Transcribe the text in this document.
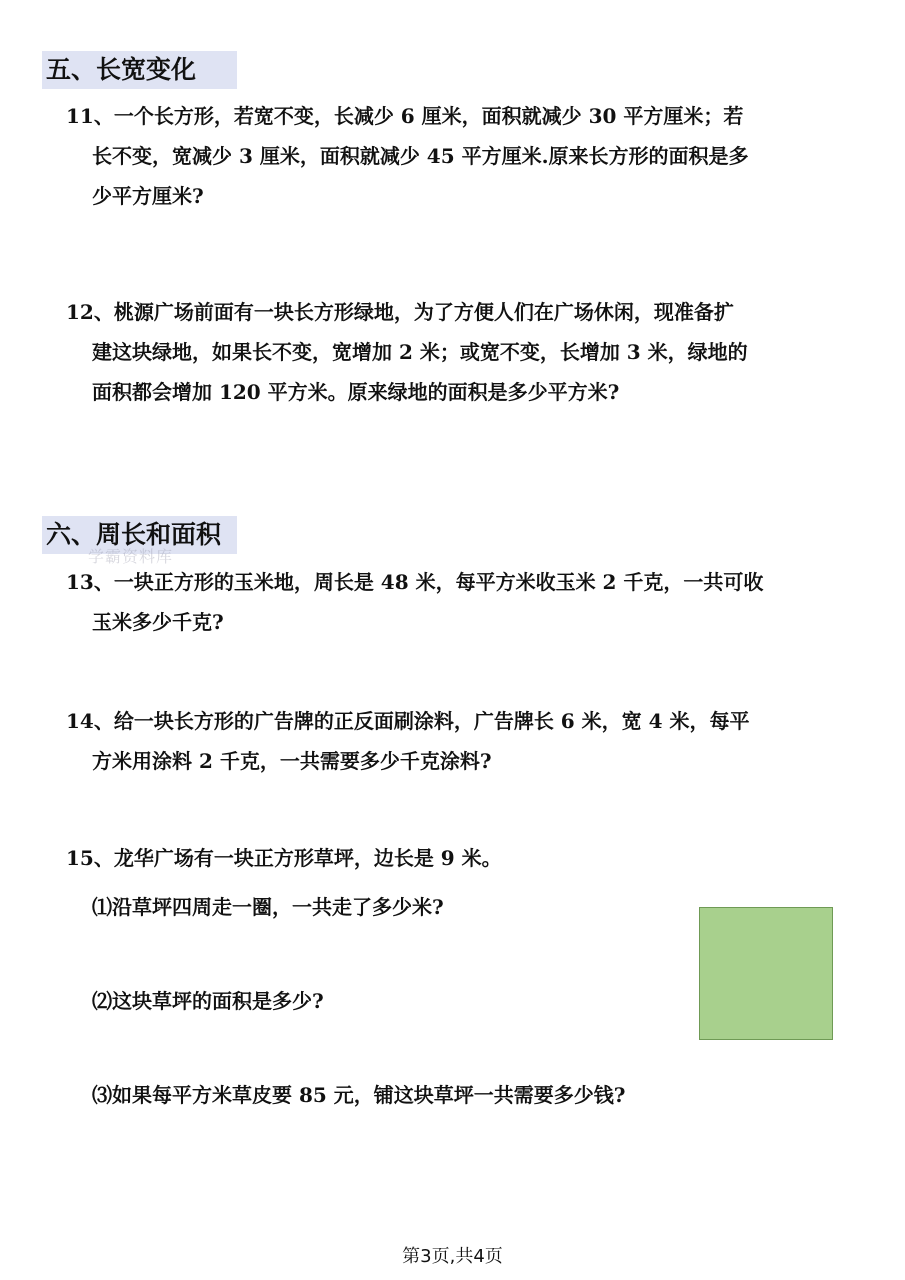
五、长宽变化
11、一个长方形，若宽不变，长减少 6 厘米，面积就减少 30 平方厘米；若
长不变，宽减少 3 厘米，面积就减少 45 平方厘米.原来长方形的面积是多
少平方厘米?
12、桃源广场前面有一块长方形绿地，为了方便人们在广场休闲，现准备扩
建这块绿地，如果长不变，宽增加 2 米；或宽不变，长增加 3 米，绿地的
面积都会增加 120 平方米。原来绿地的面积是多少平方米?
六、周长和面积
学霸资料库
13、一块正方形的玉米地，周长是 48 米，每平方米收玉米 2 千克，一共可收
玉米多少千克?
14、给一块长方形的广告牌的正反面刷涂料，广告牌长 6 米，宽 4 米，每平
方米用涂料 2 千克，一共需要多少千克涂料?
15、龙华广场有一块正方形草坪，边长是 9 米。
⑴沿草坪四周走一圈，一共走了多少米?
⑵这块草坪的面积是多少?
⑶如果每平方米草皮要 85 元，铺这块草坪一共需要多少钱?
第3页,共4页
